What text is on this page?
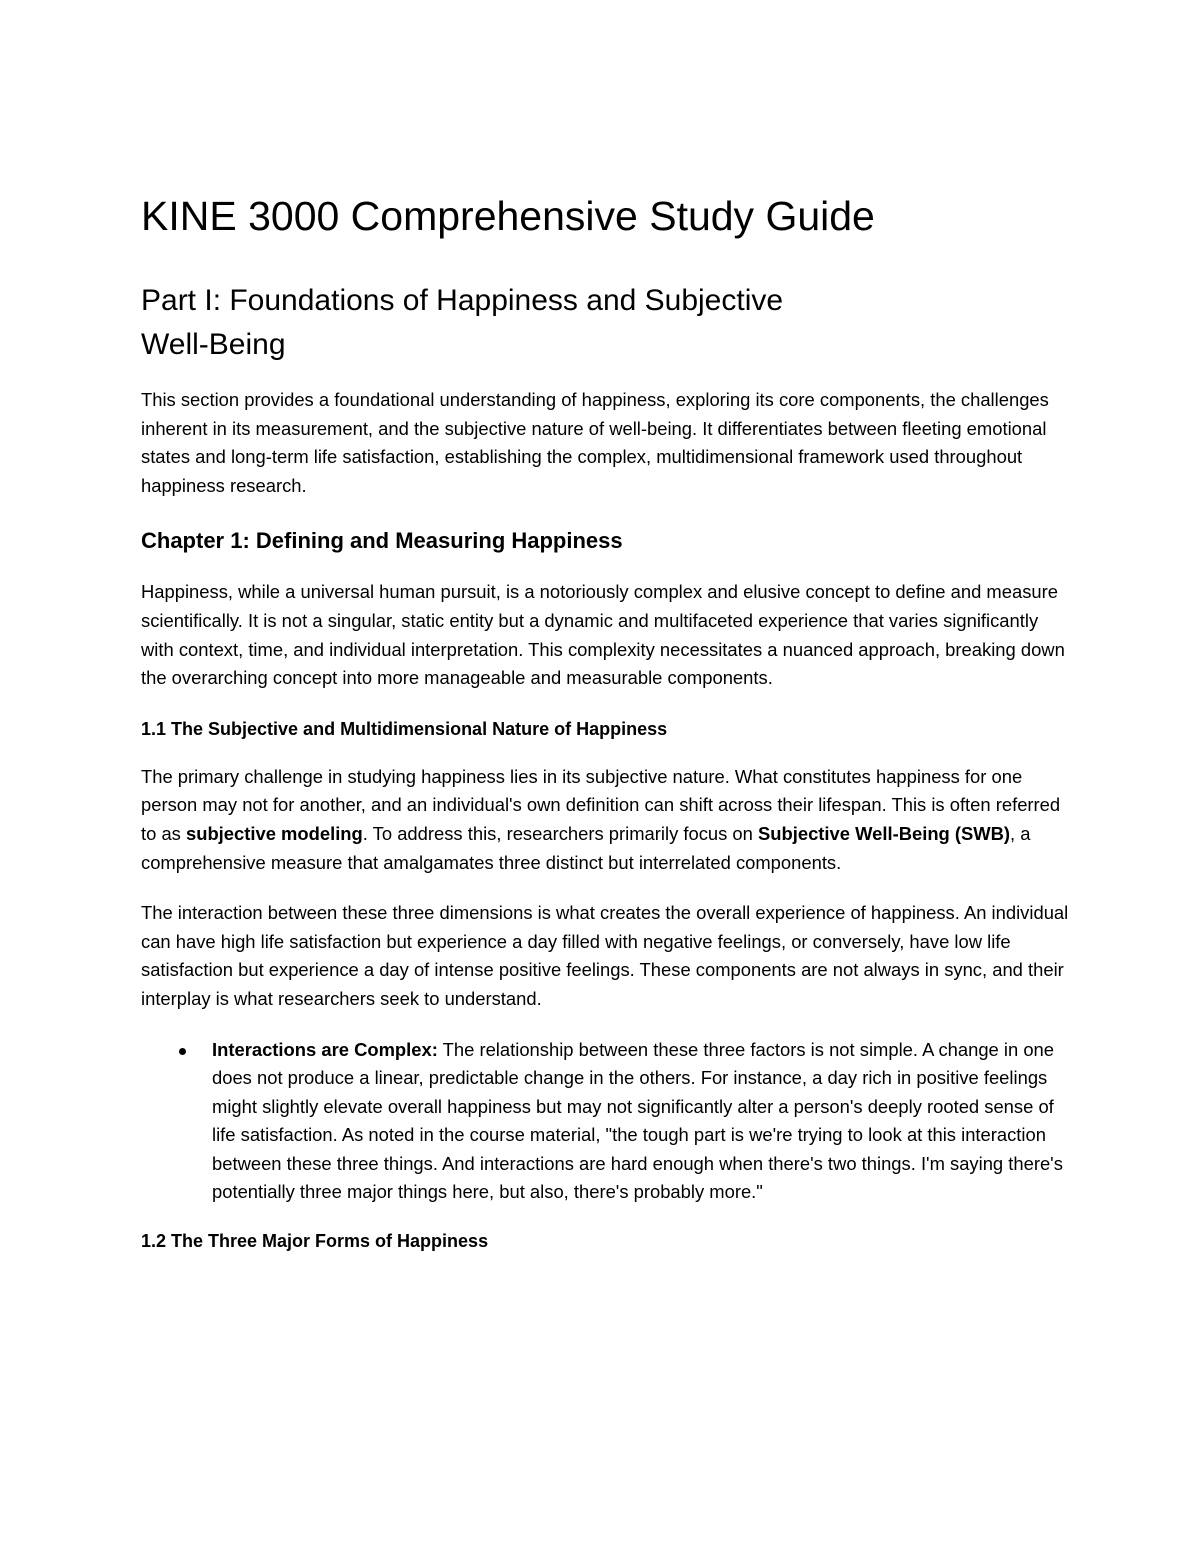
KINE 3000 Comprehensive Study Guide
Part I: Foundations of Happiness and Subjective
Well-Being

This section provides a foundational understanding of happiness, exploring its core components, the challenges inherent in its measurement, and the subjective nature of well-being. It differentiates between fleeting emotional states and long-term life satisfaction, establishing the complex, multidimensional framework used throughout happiness research.

Chapter 1: Defining and Measuring Happiness

Happiness, while a universal human pursuit, is a notoriously complex and elusive concept to define and measure scientifically. It is not a singular, static entity but a dynamic and multifaceted experience that varies significantly with context, time, and individual interpretation. This complexity necessitates a nuanced approach, breaking down the overarching concept into more manageable and measurable components.

1.1 The Subjective and Multidimensional Nature of Happiness

The primary challenge in studying happiness lies in its subjective nature. What constitutes happiness for one person may not for another, and an individual's own definition can shift across their lifespan. This is often referred to as subjective modeling. To address this, researchers primarily focus on Subjective Well-Being (SWB), a comprehensive measure that amalgamates three distinct but interrelated components.

The interaction between these three dimensions is what creates the overall experience of happiness. An individual can have high life satisfaction but experience a day filled with negative feelings, or conversely, have low life satisfaction but experience a day of intense positive feelings. These components are not always in sync, and their interplay is what researchers seek to understand.

Interactions are Complex: The relationship between these three factors is not simple. A change in one does not produce a linear, predictable change in the others. For instance, a day rich in positive feelings might slightly elevate overall happiness but may not significantly alter a person's deeply rooted sense of life satisfaction. As noted in the course material, "the tough part is we're trying to look at this interaction between these three things. And interactions are hard enough when there's two things. I'm saying there's potentially three major things here, but also, there's probably more."
1.2 The Three Major Forms of Happiness
